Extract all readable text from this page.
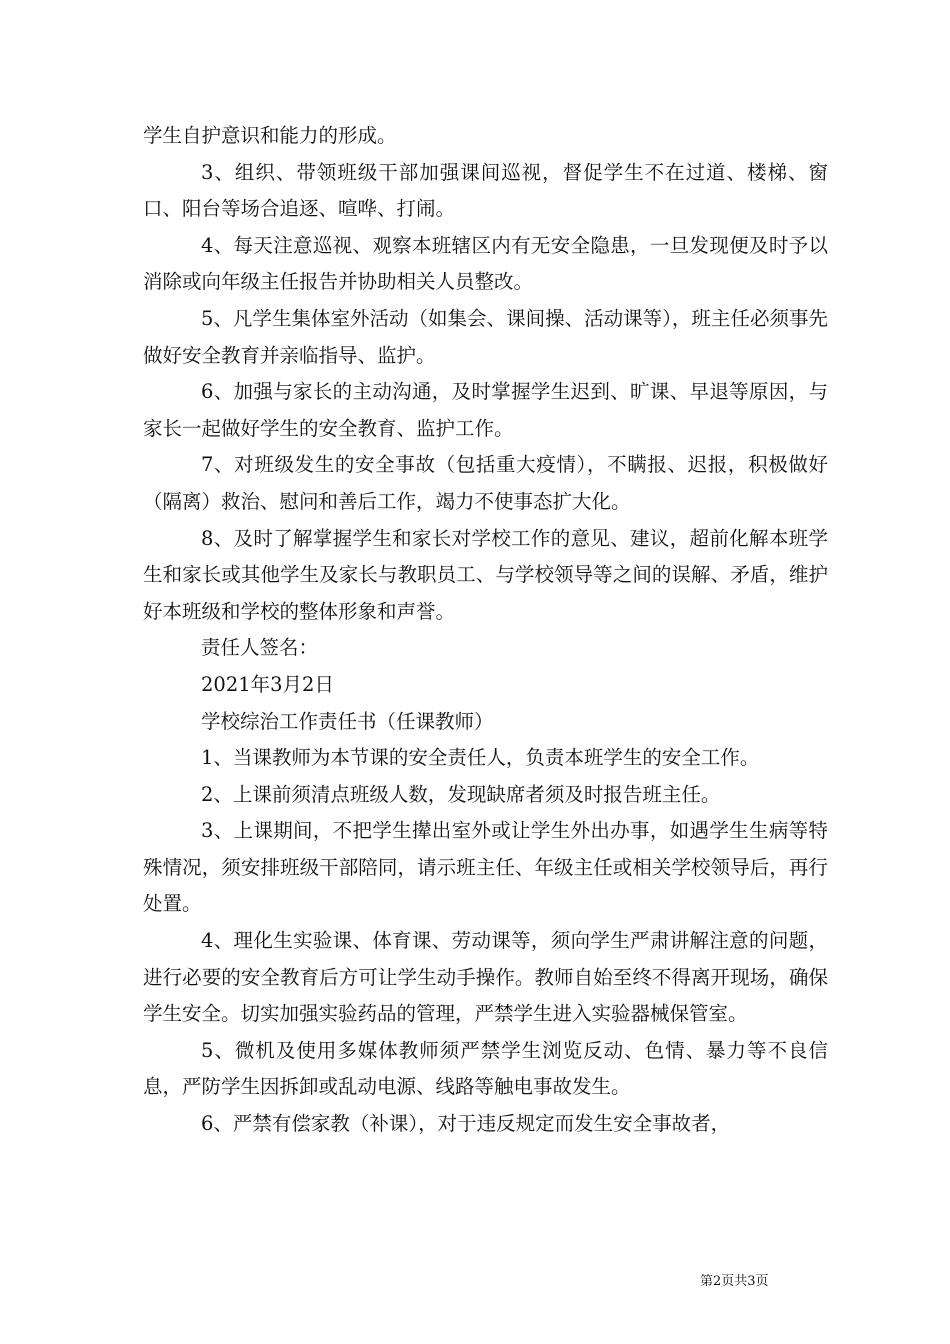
学生自护意识和能力的形成。

3、组织、带领班级干部加强课间巡视，督促学生不在过道、楼梯、窗口、阳台等场合追逐、喧哗、打闹。

4、每天注意巡视、观察本班辖区内有无安全隐患，一旦发现便及时予以消除或向年级主任报告并协助相关人员整改。

5、凡学生集体室外活动（如集会、课间操、活动课等），班主任必须事先做好安全教育并亲临指导、监护。

6、加强与家长的主动沟通，及时掌握学生迟到、旷课、早退等原因，与家长一起做好学生的安全教育、监护工作。

7、对班级发生的安全事故（包括重大疫情），不瞒报、迟报，积极做好（隔离）救治、慰问和善后工作，竭力不使事态扩大化。

8、及时了解掌握学生和家长对学校工作的意见、建议，超前化解本班学生和家长或其他学生及家长与教职员工、与学校领导等之间的误解、矛盾，维护好本班级和学校的整体形象和声誉。

责任人签名：

2021年3月2日

学校综治工作责任书（任课教师）

1、当课教师为本节课的安全责任人，负责本班学生的安全工作。

2、上课前须清点班级人数，发现缺席者须及时报告班主任。

3、上课期间，不把学生撵出室外或让学生外出办事，如遇学生生病等特殊情况，须安排班级干部陪同，请示班主任、年级主任或相关学校领导后，再行处置。

4、理化生实验课、体育课、劳动课等，须向学生严肃讲解注意的问题，进行必要的安全教育后方可让学生动手操作。教师自始至终不得离开现场，确保学生安全。切实加强实验药品的管理，严禁学生进入实验器械保管室。

5、微机及使用多媒体教师须严禁学生浏览反动、色情、暴力等不良信息，严防学生因拆卸或乱动电源、线路等触电事故发生。

6、严禁有偿家教（补课），对于违反规定而发生安全事故者，

第2页共3页
